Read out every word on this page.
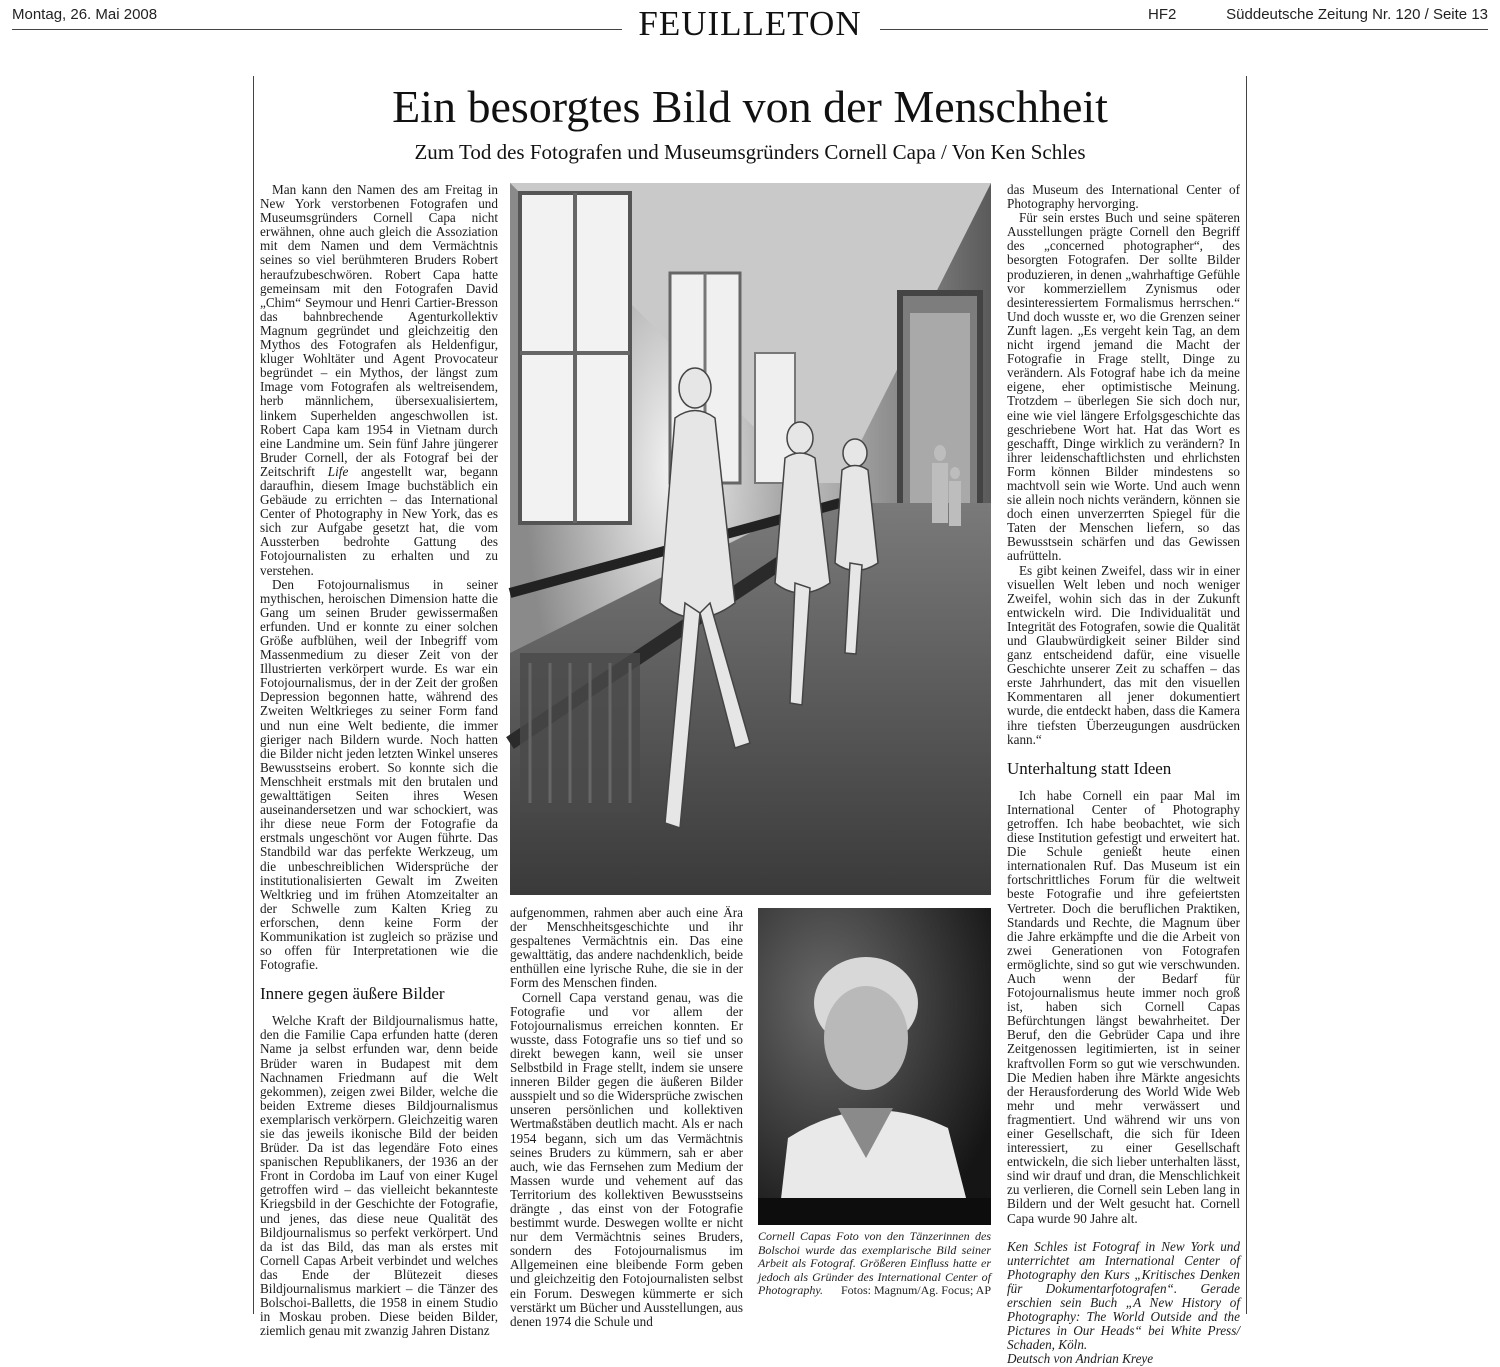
Montag, 26. Mai 2008	FEUILLETON	HF2	Süddeutsche Zeitung Nr. 120 / Seite 13
Ein besorgtes Bild von der Menschheit
Zum Tod des Fotografen und Museumsgründers Cornell Capa / Von Ken Schles

Man kann den Namen des am Freitag in New York verstorbenen Fotografen und Museumsgründers Cornell Capa nicht erwähnen, ohne auch gleich die Assoziation mit dem Namen und dem Vermächtnis seines so viel berühmteren Bruders Robert heraufzubeschwören. Robert Capa hatte gemeinsam mit den Fotografen David „Chim“ Seymour und Henri Cartier-Bresson das bahnbrechende Agenturkollektiv Magnum gegründet und gleichzeitig den Mythos des Fotografen als Heldenfigur, kluger Wohltäter und Agent Provocateur begründet – ein Mythos, der längst zum Image vom Fotografen als weltreisendem, herb männlichem, übersexualisiertem, linkem Superhelden angeschwollen ist. Robert Capa kam 1954 in Vietnam durch eine Landmine um. Sein fünf Jahre jüngerer Bruder Cornell, der als Fotograf bei der Zeitschrift Life angestellt war, begann daraufhin, diesem Image buchstäblich ein Gebäude zu errichten – das International Center of Photography in New York, das es sich zur Aufgabe gesetzt hat, die vom Aussterben bedrohte Gattung des Fotojournalisten zu erhalten und zu verstehen.

Den Fotojournalismus in seiner mythischen, heroischen Dimension hatte die Gang um seinen Bruder gewissermaßen erfunden. Und er konnte zu einer solchen Größe aufblühen, weil der Inbegriff vom Massenmedium zu dieser Zeit von der Illustrierten verkörpert wurde. Es war ein Fotojournalismus, der in der Zeit der großen Depression begonnen hatte, während des Zweiten Weltkrieges zu seiner Form fand und nun eine Welt bediente, die immer gieriger nach Bildern wurde. Noch hatten die Bilder nicht jeden letzten Winkel unseres Bewusstseins erobert. So konnte sich die Menschheit erstmals mit den brutalen und gewalttätigen Seiten ihres Wesen auseinandersetzen und war schockiert, was ihr diese neue Form der Fotografie da erstmals ungeschönt vor Augen führte. Das Standbild war das perfekte Werkzeug, um die unbeschreiblichen Widersprüche der institutionalisierten Gewalt im Zweiten Weltkrieg und im frühen Atomzeitalter an der Schwelle zum Kalten Krieg zu erforschen, denn keine Form der Kommunikation ist zugleich so präzise und so offen für Interpretationen wie die Fotografie.

Innere gegen äußere Bilder

Welche Kraft der Bildjournalismus hatte, den die Familie Capa erfunden hatte (deren Name ja selbst erfunden war, denn beide Brüder waren in Budapest mit dem Nachnamen Friedmann auf die Welt gekommen), zeigen zwei Bilder, welche die beiden Extreme dieses Bildjournalismus exemplarisch verkörpern. Gleichzeitig waren sie das jeweils ikonische Bild der beiden Brüder. Da ist das legendäre Foto eines spanischen Republikaners, der 1936 an der Front in Cordoba im Lauf von einer Kugel getroffen wird – das vielleicht bekannteste Kriegsbild in der Geschichte der Fotografie, und jenes, das diese neue Qualität des Bildjournalismus so perfekt verkörpert. Und da ist das Bild, das man als erstes mit Cornell Capas Arbeit verbindet und welches das Ende der Blütezeit dieses Bildjournalismus markiert – die Tänzer des Bolschoi-Balletts, die 1958 in einem Studio in Moskau proben. Diese beiden Bilder, ziemlich genau mit zwanzig Jahren Distanz

aufgenommen, rahmen aber auch eine Ära der Menschheitsgeschichte und ihr gespaltenes Vermächtnis ein. Das eine gewalttätig, das andere nachdenklich, beide enthüllen eine lyrische Ruhe, die sie in der Form des Menschen finden.

Cornell Capa verstand genau, was die Fotografie und vor allem der Fotojournalismus erreichen konnten. Er wusste, dass Fotografie uns so tief und so direkt bewegen kann, weil sie unser Selbstbild in Frage stellt, indem sie unsere inneren Bilder gegen die äußeren Bilder ausspielt und so die Widersprüche zwischen unseren persönlichen und kollektiven Wertmaßstäben deutlich macht. Als er nach 1954 begann, sich um das Vermächtnis seines Bruders zu kümmern, sah er aber auch, wie das Fernsehen zum Medium der Massen wurde und vehement auf das Territorium des kollektiven Bewusstseins drängte , das einst von der Fotografie bestimmt wurde. Deswegen wollte er nicht nur dem Vermächtnis seines Bruders, sondern des Fotojournalismus im Allgemeinen eine bleibende Form geben und gleichzeitig den Fotojournalisten selbst ein Forum. Deswegen kümmerte er sich verstärkt um Bücher und Ausstellungen, aus denen 1974 die Schule und

Cornell Capas Foto von den Tänzerinnen des Bolschoi wurde das exemplarische Bild seiner Arbeit als Fotograf. Größeren Einfluss hatte er jedoch als Gründer des International Center of Photography. Fotos: Magnum/Ag. Focus; AP

das Museum des International Center of Photography hervorging.

Für sein erstes Buch und seine späteren Ausstellungen prägte Cornell den Begriff des „concerned photographer“, des besorgten Fotografen. Der sollte Bilder produzieren, in denen „wahrhaftige Gefühle vor kommerziellem Zynismus oder desinteressiertem Formalismus herrschen.“ Und doch wusste er, wo die Grenzen seiner Zunft lagen. „Es vergeht kein Tag, an dem nicht irgend jemand die Macht der Fotografie in Frage stellt, Dinge zu verändern. Als Fotograf habe ich da meine eigene, eher optimistische Meinung. Trotzdem – überlegen Sie sich doch nur, eine wie viel längere Erfolgsgeschichte das geschriebene Wort hat. Hat das Wort es geschafft, Dinge wirklich zu verändern? In ihrer leidenschaftlichsten und ehrlichsten Form können Bilder mindestens so machtvoll sein wie Worte. Und auch wenn sie allein noch nichts verändern, können sie doch einen unverzerrten Spiegel für die Taten der Menschen liefern, so das Bewusstsein schärfen und das Gewissen aufrütteln.

Es gibt keinen Zweifel, dass wir in einer visuellen Welt leben und noch weniger Zweifel, wohin sich das in der Zukunft entwickeln wird. Die Individualität und Integrität des Fotografen, sowie die Qualität und Glaubwürdigkeit seiner Bilder sind ganz entscheidend dafür, eine visuelle Geschichte unserer Zeit zu schaffen – das erste Jahrhundert, das mit den visuellen Kommentaren all jener dokumentiert wurde, die entdeckt haben, dass die Kamera ihre tiefsten Überzeugungen ausdrücken kann.“

Unterhaltung statt Ideen

Ich habe Cornell ein paar Mal im International Center of Photography getroffen. Ich habe beobachtet, wie sich diese Institution gefestigt und erweitert hat. Die Schule genießt heute einen internationalen Ruf. Das Museum ist ein fortschrittliches Forum für die weltweit beste Fotografie und ihre gefeiertsten Vertreter. Doch die beruflichen Praktiken, Standards und Rechte, die Magnum über die Jahre erkämpfte und die die Arbeit von zwei Generationen von Fotografen ermöglichte, sind so gut wie verschwunden. Auch wenn der Bedarf für Fotojournalismus heute immer noch groß ist, haben sich Cornell Capas Befürchtungen längst bewahrheitet. Der Beruf, den die Gebrüder Capa und ihre Zeitgenossen legitimierten, ist in seiner kraftvollen Form so gut wie verschwunden. Die Medien haben ihre Märkte angesichts der Herausforderung des World Wide Web mehr und mehr verwässert und fragmentiert. Und während wir uns von einer Gesellschaft, die sich für Ideen interessiert, zu einer Gesellschaft entwickeln, die sich lieber unterhalten lässt, sind wir drauf und dran, die Menschlichkeit zu verlieren, die Cornell sein Leben lang in Bildern und der Welt gesucht hat. Cornell Capa wurde 90 Jahre alt.

Ken Schles ist Fotograf in New York und unterrichtet am International Center of Photography den Kurs „Kritisches Denken für Dokumentarfotografen“. Gerade erschien sein Buch „A New History of Photography: The World Outside and the Pictures in Our Heads“ bei White Press/ Schaden, Köln.

Deutsch von Andrian Kreye
